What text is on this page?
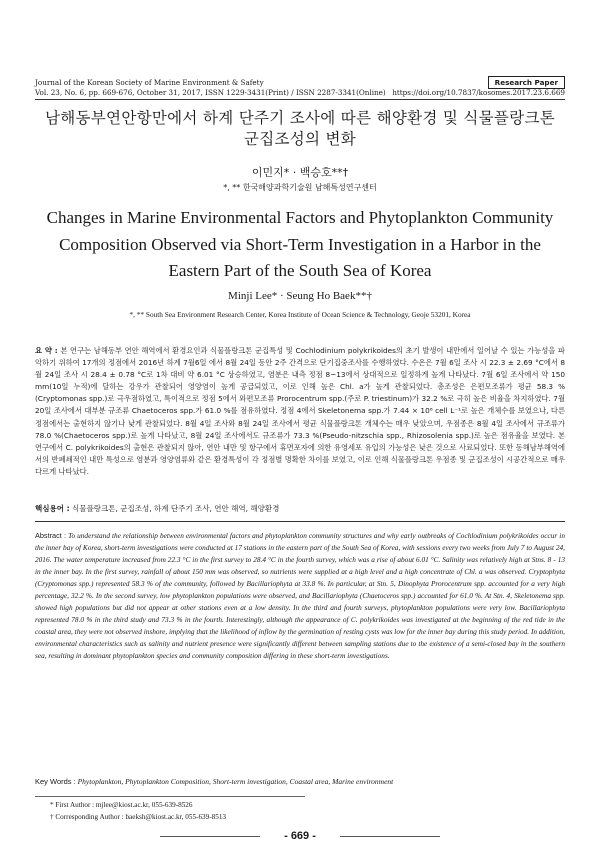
Journal of the Korean Society of Marine Environment & Safety
Vol. 23, No. 6, pp. 669-676, October 31, 2017, ISSN 1229-3431(Print) / ISSN 2287-3341(Online)
Research Paper
https://doi.org/10.7837/kosomes.2017.23.6.669
남해동부연안항만에서 하계 단주기 조사에 따른 해양환경 및 식물플랑크톤 군집조성의 변화
이민지* · 백승호**†
*, ** 한국해양과학기술원 남해특성연구센터
Changes in Marine Environmental Factors and Phytoplankton Community Composition Observed via Short-Term Investigation in a Harbor in the Eastern Part of the South Sea of Korea
Minji Lee* · Seung Ho Baek**†
*, ** South Sea Environment Research Center, Korea Institute of Ocean Science & Technology, Geoje 53201, Korea
요 약 : 본 연구는 남해동부 연안 해역에서 환경요인과 식물플랑크톤 군집특성 및 Cochlodinium polykrikoides의 초기 발생이 내만에서 일어날 수 있는 가능성을 파악하기 위하여 17개의 정점에서 2016년 하계 7월6일 에서 8월 24일 동안 2주 간격으로 단기집중조사를 수행하였다. 수온은 7월 6일 조사 시 22.3 ± 2.69 °C에서 8월 24일 조사 시 28.4 ± 0.78 °C로 1차 대비 약 6.01 °C 상승하였고, 염분은 내측 정점 8~13에서 상대적으로 일정하게 높게 나타났다. 7월 6일 조사에서 약 150 mm(10일 누적)에 달하는 강우가 관찰되어 영양염이 높게 공급되었고, 이로 인해 높은 Chl. a가 높게 관찰되었다. 총조성은 은편모조류가 평균 58.3 %(Cryptomonas spp.)로 극우점하였고, 특이적으로 정점 5에서 와편모조류 Prorocentrum spp.(주로 P. triestinum)가 32.2 %로 극히 높은 비율을 차지하였다. 7월 20일 조사에서 대부분 규조류 Chaetoceros spp.가 61.0 %를 점유하였다. 정점 4에서 Skeletonema spp.가 7.44 × 10⁶ cell L⁻¹로 높은 개체수를 보였으나, 다른 정점에서는 출현하지 않기나 낮게 관찰되었다. 8월 4일 조사와 8월 24일 조사에서 평균 식물플랑크톤 개체수는 매우 낮았으며, 우점종은 8월 4일 조사에서 규조류가 78.0 %(Chaetoceros spp.)로 높게 나타났고, 8월 24일 조사에서도 규조류가 73.3 %(Pseudo-nitzschia spp., Rhizosolenia spp.)로 높은 점유율을 보였다. 본 연구에서 C. polykrikoides의 출현은 관찰되지 않아, 연안 내만 및 항구에서 휴면포자에 의한 유영세포 유입의 가능성은 낮은 것으로 사료되었다. 또한 동해남부해역에서의 반폐쇄적인 내만 특성으로 염분과 영양염류와 같은 환경특성이 각 정점별 명확한 차이를 보였고, 이로 인해 식물플랑크톤 우점종 및 군집조성이 시공간적으로 매우 다르게 나타났다.
핵심용어 : 식물플랑크톤, 군집조성, 하계 단주기 조사, 연안 해역, 해양환경
Abstract : To understand the relationship between environmental factors and phytoplankton community structures and why early outbreaks of Cochlodinium polykrikoides occur in the inner bay of Korea, short-term investigations were conducted at 17 stations in the eastern part of the South Sea of Korea, with sessions every two weeks from July 7 to August 24, 2016. The water temperature increased from 22.3 °C in the first survey to 28.4 °C in the fourth survey, which was a rise of about 6.01 °C. Salinity was relatively high at Stns. 8 - 13 in the inner bay. In the first survey, rainfall of about 150 mm was observed, so nutrients were supplied at a high level and a high concentrate of Chl. a was observed. Cryptophyta (Cryptomonas spp.) represented 58.3 % of the community, followed by Bacillariophyta at 33.8 %. In particular, at Stn. 5, Dinophyta Prorocentrum spp. accounted for a very high percentage, 32.2 %. In the second survey, low phytoplankton populations were observed, and Bacillariophyta (Chaetoceros spp.) accounted for 61.0 %. At Stn. 4, Skeletonema spp. showed high populations but did not appear at other stations even at a low density. In the third and fourth surveys, phytoplankton populations were very low. Bacillariophyta represented 78.0 % in the third study and 73.3 % in the fourth. Interestingly, although the appearance of C. polykrikoides was investigated at the beginning of the red tide in the coastal area, they were not observed inshore, implying that the likelihood of inflow by the germination of resting cysts was low for the inner bay during this study period. In addition, environmental characteristics such as salinity and nutrient presence were significantly different between sampling stations due to the existence of a semi-closed bay in the southern sea, resulting in dominant phytoplankton species and community composition differing in these short-term investigations.
Key Words : Phytoplankton, Phytoplankton Composition, Short-term investigation, Coastal area, Marine environment
* First Author : mjlee@kiost.ac.kr, 055-639-8526
† Corresponding Author : baeksh@kiost.ac.kr, 055-639-8513
- 669 -
